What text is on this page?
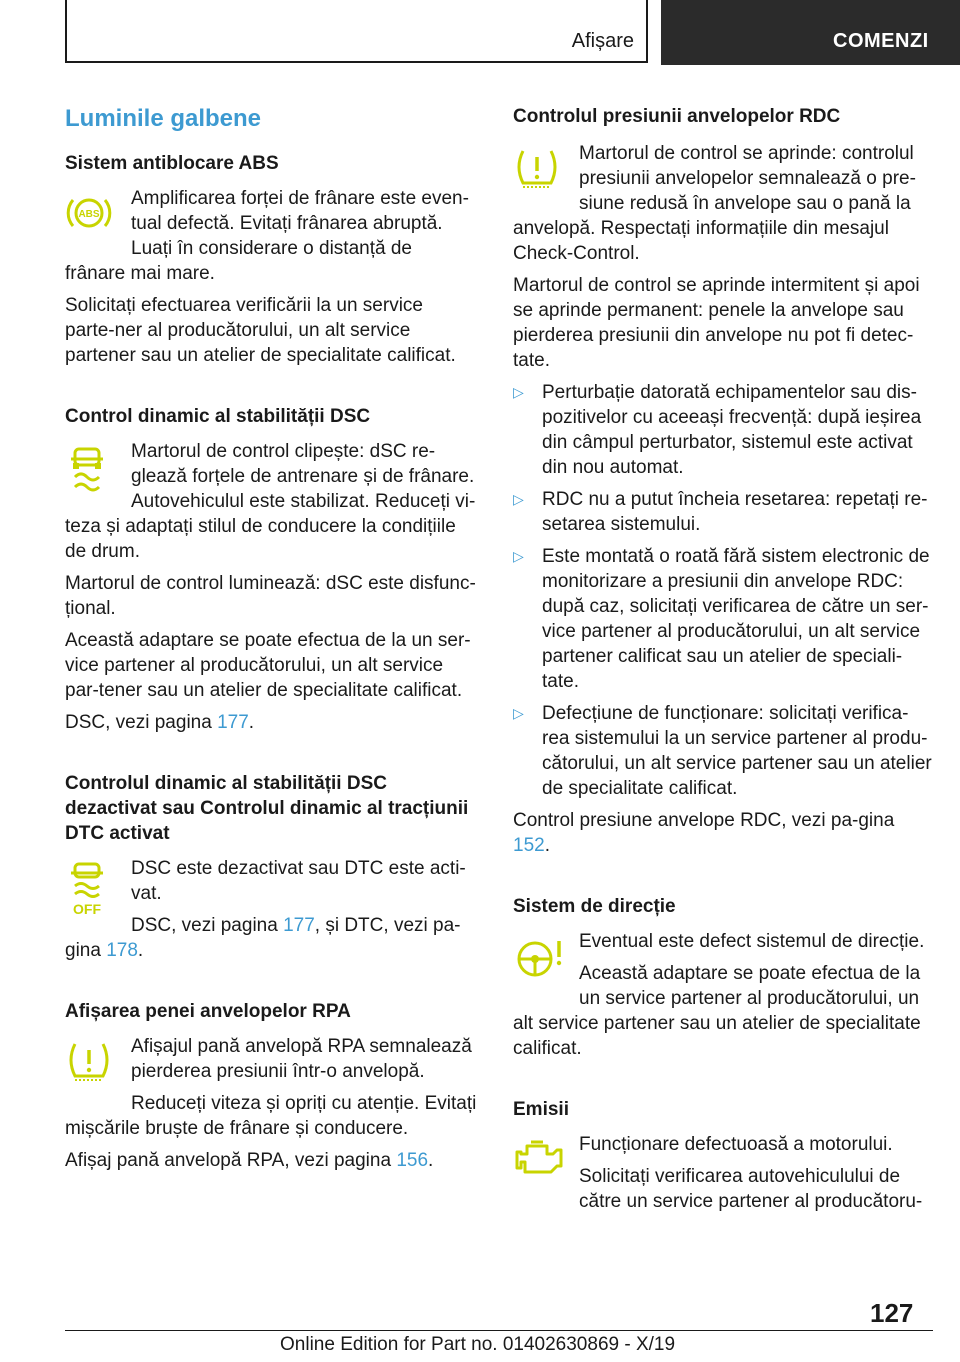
Afișare	COMENZI
Luminile galbene
Sistem antiblocare ABS
ABS

Amplificarea forței de frânare este even-tual defectă. Evitați frânarea abruptă. Luați în considerare o distanță de frânare mai mare.

Solicitați efectuarea verificării la un service parte-ner al producătorului, un alt service partener sau un atelier de specialitate calificat.

Control dinamic al stabilității DSC

Martorul de control clipește: dSC re-glează forțele de antrenare și de frânare. Autovehiculul este stabilizat. Reduceți vi-teza și adaptați stilul de conducere la condițiile de drum.

Martorul de control luminează: dSC este disfunc-țional.

Această adaptare se poate efectua de la un ser-vice partener al producătorului, un alt service par-tener sau un atelier de specialitate calificat.

DSC, vezi pagina 177.

Controlul dinamic al stabilității DSC dezactivat sau Controlul dinamic al tracțiunii DTC activat
OFF

DSC este dezactivat sau DTC este acti-vat.

DSC, vezi pagina 177, și DTC, vezi pa-gina 178.

Afișarea penei anvelopelor RPA

Afișajul pană anvelopă RPA semnalează pierderea presiunii într-o anvelopă.

Reduceți viteza și opriți cu atenție. Evitați mișcările bruște de frânare și conducere.

Afișaj pană anvelopă RPA, vezi pagina 156.

Controlul presiunii anvelopelor RDC

Martorul de control se aprinde: controlul presiunii anvelopelor semnalează o pre-siune redusă în anvelope sau o pană la anvelopă. Respectați informațiile din mesajul Check-Control.

Martorul de control se aprinde intermitent și apoi se aprinde permanent: penele la anvelope sau pierderea presiunii din anvelope nu pot fi detec-tate.

▷ Perturbație datorată echipamentelor sau dis-pozitivelor cu aceeași frecvență: după ieșirea din câmpul perturbator, sistemul este activat din nou automat.
▷ RDC nu a putut încheia resetarea: repetați re-setarea sistemului.
▷ Este montată o roată fără sistem electronic de monitorizare a presiunii din anvelope RDC: după caz, solicitați verificarea de către un ser-vice partener al producătorului, un alt service partener calificat sau un atelier de speciali-tate.
▷ Defecțiune de funcționare: solicitați verifica-rea sistemului la un service partener al produ-cătorului, un alt service partener sau un atelier de specialitate calificat.

Control presiune anvelope RDC, vezi pa-gina 152.

Sistem de direcție

Eventual este defect sistemul de direcție.

Această adaptare se poate efectua de la un service partener al producătorului, un alt service partener sau un atelier de specialitate calificat.

Emisii

Funcționare defectuoasă a motorului.

Solicitați verificarea autovehiculului de către un service partener al producătoru-

127
Online Edition for Part no. 01402630869 - X/19
